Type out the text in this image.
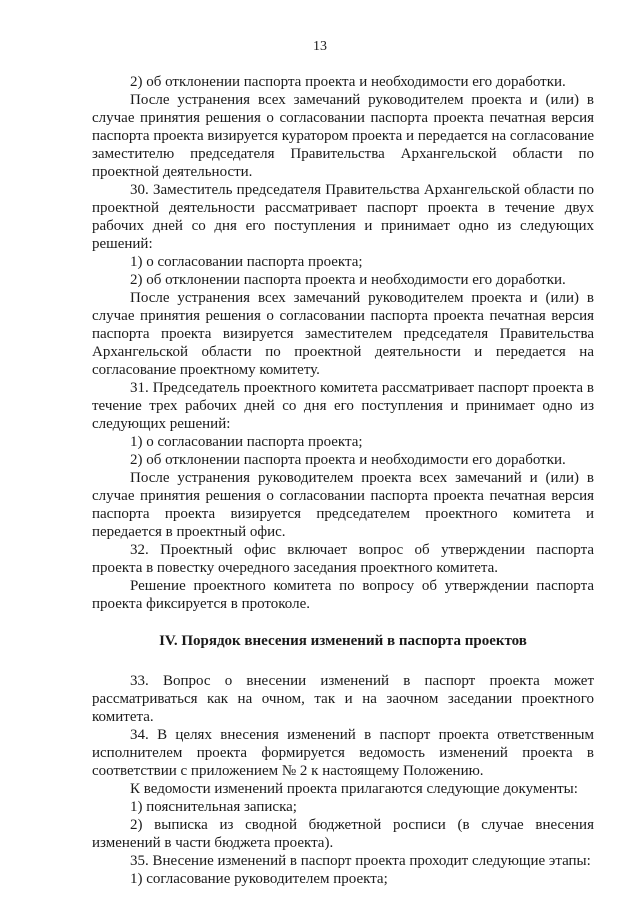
13

2) об отклонении паспорта проекта и необходимости его доработки.

После устранения всех замечаний руководителем проекта и (или) в случае принятия решения о согласовании паспорта проекта печатная версия паспорта проекта визируется куратором проекта и передается на согласование заместителю председателя Правительства Архангельской области по проектной деятельности.

30. Заместитель председателя Правительства Архангельской области по проектной деятельности рассматривает паспорт проекта в течение двух рабочих дней со дня его поступления и принимает одно из следующих решений:

1) о согласовании паспорта проекта;

2) об отклонении паспорта проекта и необходимости его доработки.

После устранения всех замечаний руководителем проекта и (или) в случае принятия решения о согласовании паспорта проекта печатная версия паспорта проекта визируется заместителем председателя Правительства Архангельской области по проектной деятельности и передается на согласование проектному комитету.

31. Председатель проектного комитета рассматривает паспорт проекта в течение трех рабочих дней со дня его поступления и принимает одно из следующих решений:

1) о согласовании паспорта проекта;

2) об отклонении паспорта проекта и необходимости его доработки.

После устранения руководителем проекта всех замечаний и (или) в случае принятия решения о согласовании паспорта проекта печатная версия паспорта проекта визируется председателем проектного комитета и передается в проектный офис.

32. Проектный офис включает вопрос об утверждении паспорта проекта в повестку очередного заседания проектного комитета.

Решение проектного комитета по вопросу об утверждении паспорта проекта фиксируется в протоколе.

IV. Порядок внесения изменений в паспорта проектов

33. Вопрос о внесении изменений в паспорт проекта может рассматриваться как на очном, так и на заочном заседании проектного комитета.

34. В целях внесения изменений в паспорт проекта ответственным исполнителем проекта формируется ведомость изменений проекта в соответствии с приложением № 2 к настоящему Положению.

К ведомости изменений проекта прилагаются следующие документы:

1) пояснительная записка;

2) выписка из сводной бюджетной росписи (в случае внесения изменений в части бюджета проекта).

35. Внесение изменений в паспорт проекта проходит следующие этапы:

1) согласование руководителем проекта;
